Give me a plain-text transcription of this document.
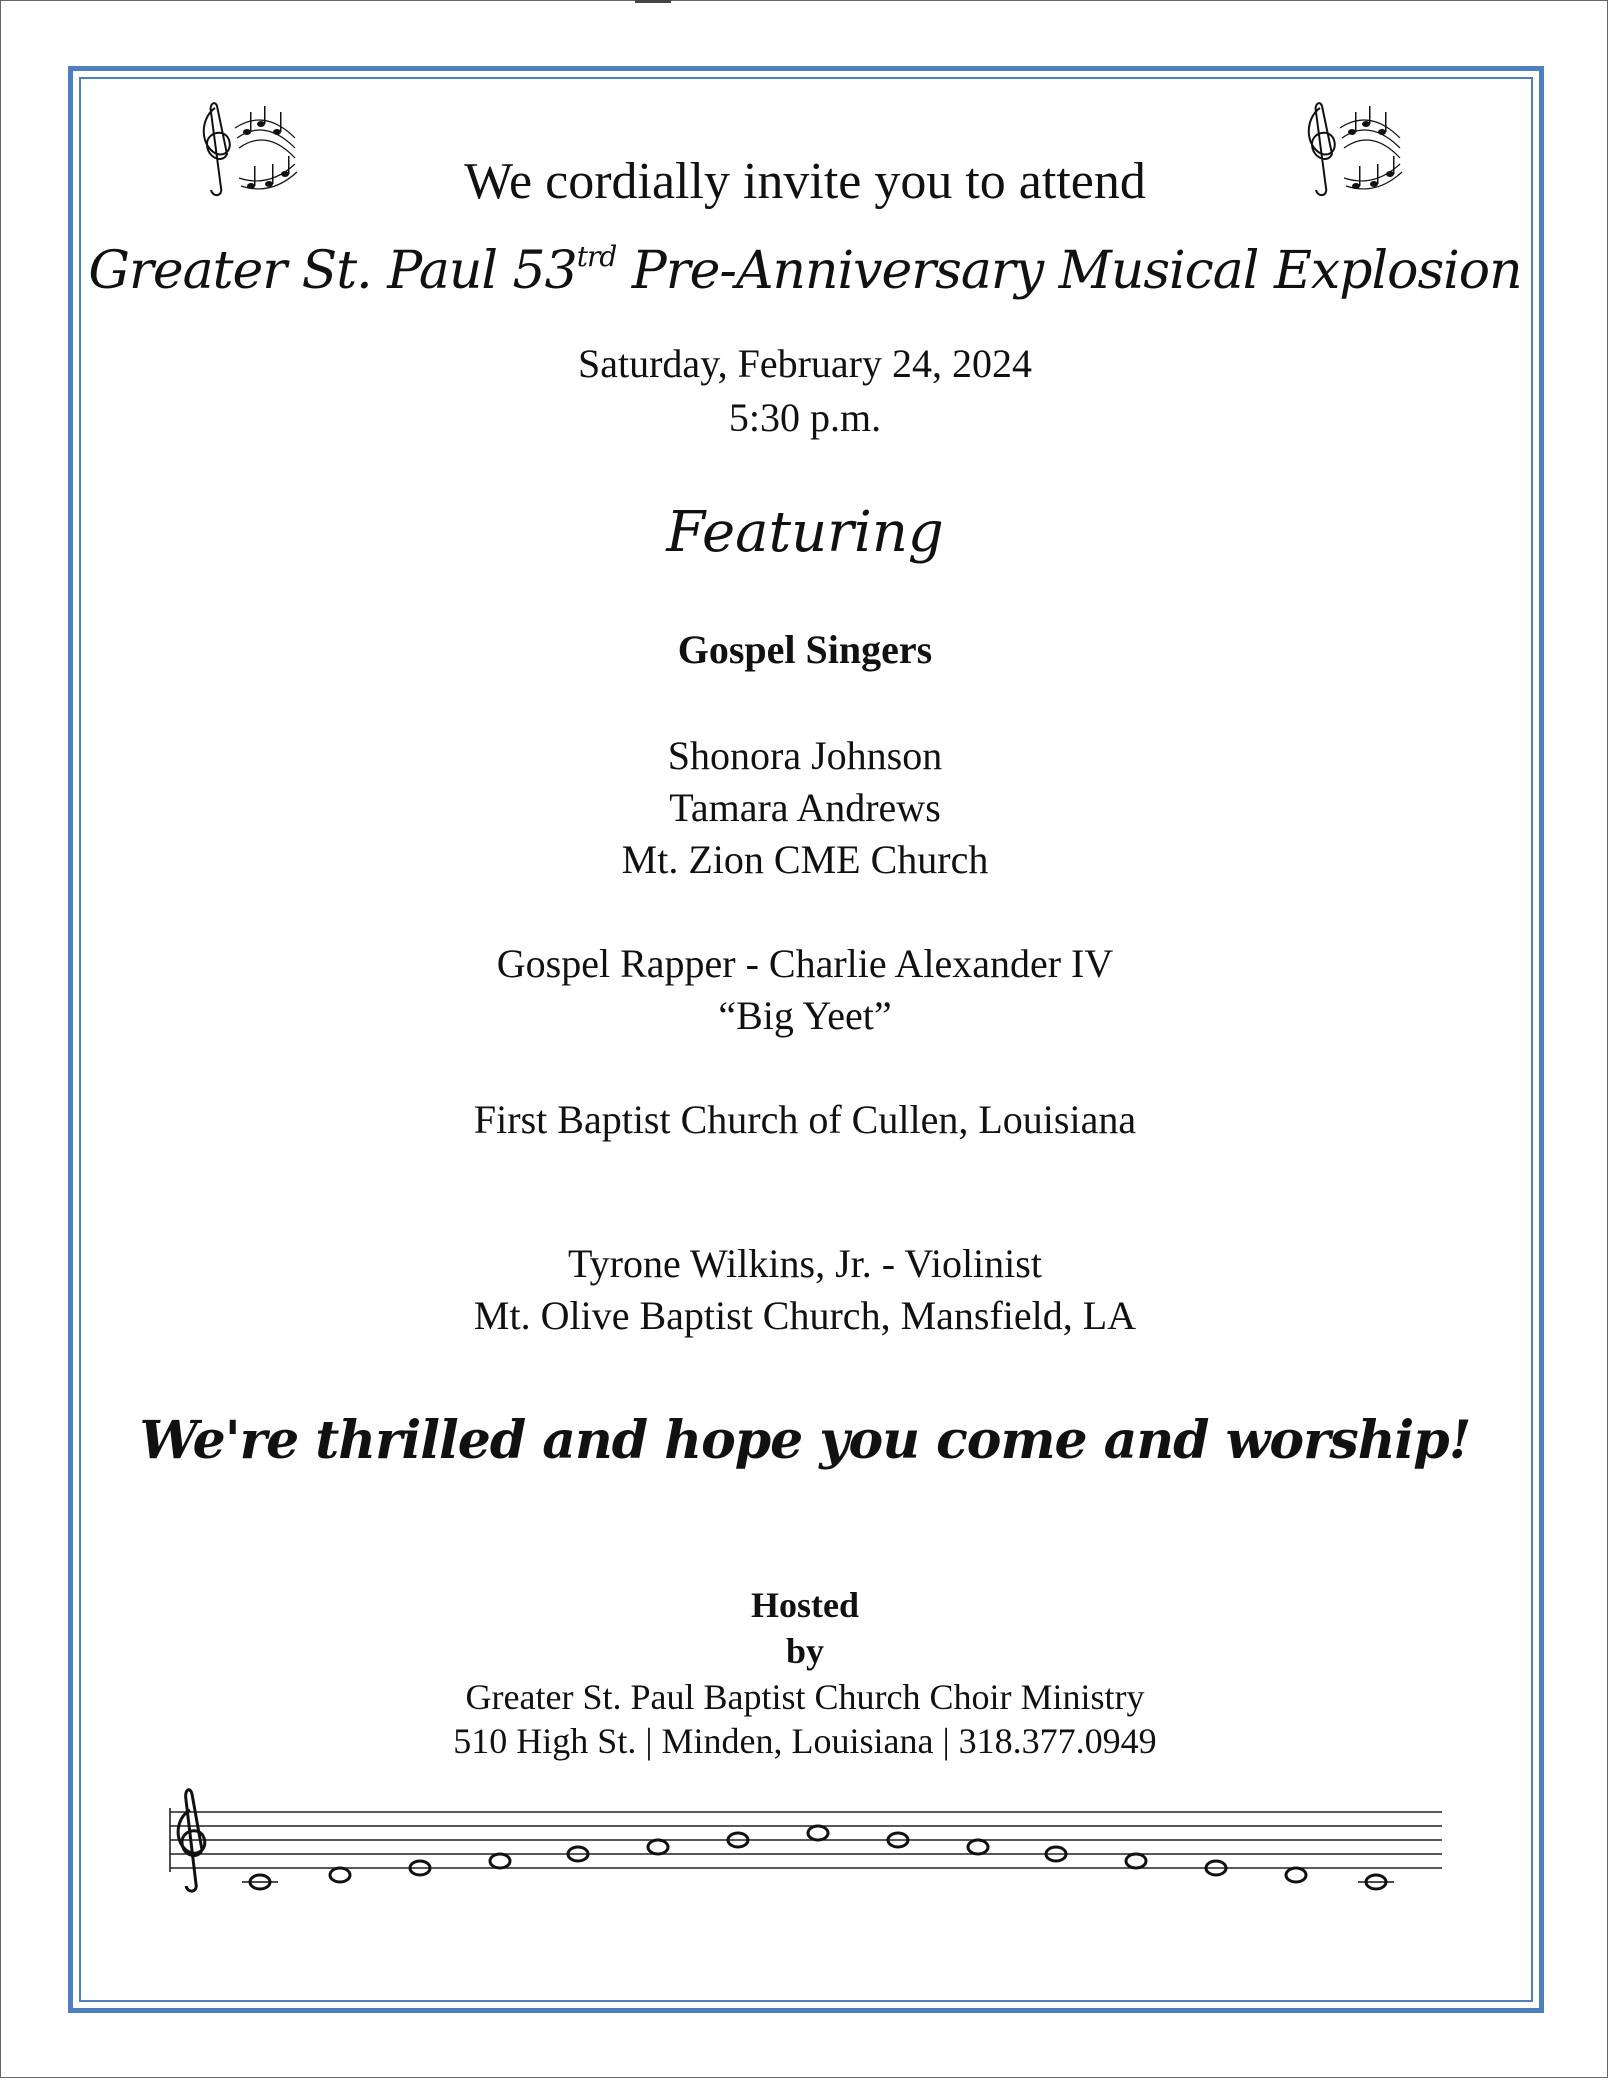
We cordially invite you to attend
Greater St. Paul $53^{trd}$ Pre-Anniversary Musical Explosion
Saturday, February 24, 2024
5:30 p.m.
Featuring
Gospel Singers
Shonora Johnson
Tamara Andrews
Mt. Zion CME Church
Gospel Rapper - Charlie Alexander IV
“Big Yeet”
First Baptist Church of Cullen, Louisiana
Tyrone Wilkins, Jr. - Violinist
Mt. Olive Baptist Church, Mansfield, LA
We're thrilled and hope you come and worship!
Hosted
by
Greater St. Paul Baptist Church Choir Ministry
510 High St. | Minden, Louisiana | 318.377.0949
